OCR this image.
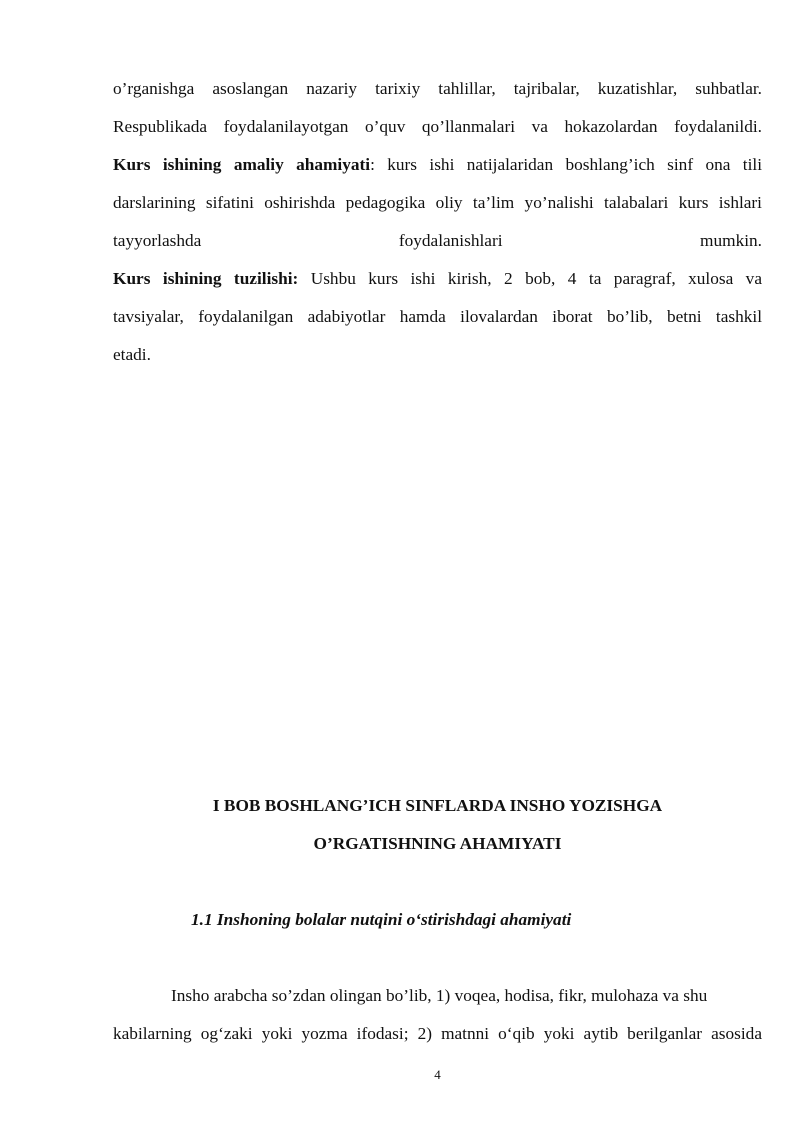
o’rganishga asoslangan nazariy tarixiy tahlillar, tajribalar, kuzatishlar, suhbatlar.
Respublikada foydalanilayotgan o’quv qo’llanmalari va hokazolardan foydalanildi.
Kurs ishining amaliy ahamiyati: kurs ishi natijalaridan boshlang’ich sinf ona tili
darslarining sifatini oshirishda pedagogika oliy ta’lim yo’nalishi talabalari kurs ishlari
tayyorlashda foydalanishlari mumkin.
Kurs ishining tuzilishi: Ushbu kurs ishi kirish, 2 bob, 4 ta paragraf, xulosa va
tavsiyalar, foydalanilgan adabiyotlar hamda ilovalardan iborat bo’lib, betni tashkil
etadi.
I BOB BOSHLANG’ICH SINFLARDA INSHO YOZISHGA
O’RGATISHNING AHAMIYATI
1.1 Inshoning bolalar nutqini o‘stirishdagi ahamiyati
Insho arabcha so’zdan olingan bo’lib, 1) voqea, hodisa, fikr, mulohaza va shu
kabilarning og‘zaki yoki yozma ifodasi; 2) matnni o‘qib yoki aytib berilganlar asosida
4
